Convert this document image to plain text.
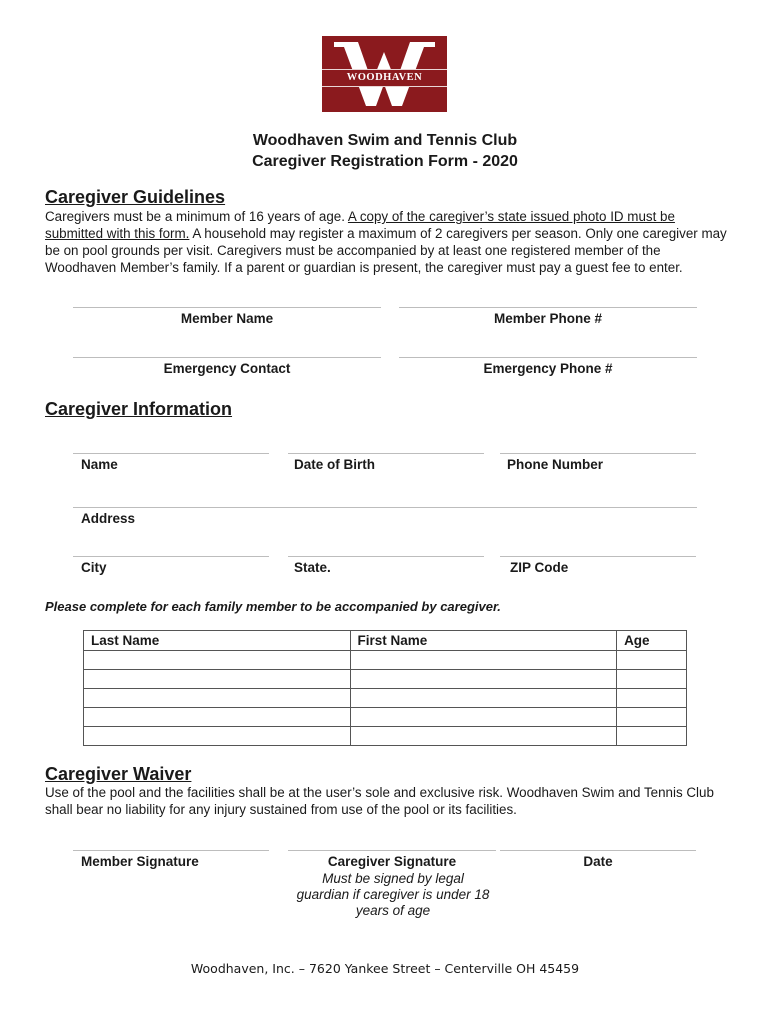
WOODHAVEN
Woodhaven Swim and Tennis Club
Caregiver Registration Form - 2020
Caregiver Guidelines
Caregivers must be a minimum of 16 years of age. A copy of the caregiver’s state issued photo ID must be submitted with this form. A household may register a maximum of 2 caregivers per season. Only one caregiver may be on pool grounds per visit. Caregivers must be accompanied by at least one registered member of the Woodhaven Member’s family. If a parent or guardian is present, the caregiver must pay a guest fee to enter.
Member Name	Member Phone #
Emergency Contact	Emergency Phone #
Caregiver Information
Name	Date of Birth	Phone Number
Address
City	State.	ZIP Code
Please complete for each family member to be accompanied by caregiver.
Last Name	First Name	Age

Caregiver Waiver
Use of the pool and the facilities shall be at the user’s sole and exclusive risk. Woodhaven Swim and Tennis Club shall bear no liability for any injury sustained from use of the pool or its facilities.
Member Signature	Caregiver Signature	Date
Must be signed by legal
guardian if caregiver is under 18
years of age
Woodhaven, Inc. – 7620 Yankee Street – Centerville OH 45459
